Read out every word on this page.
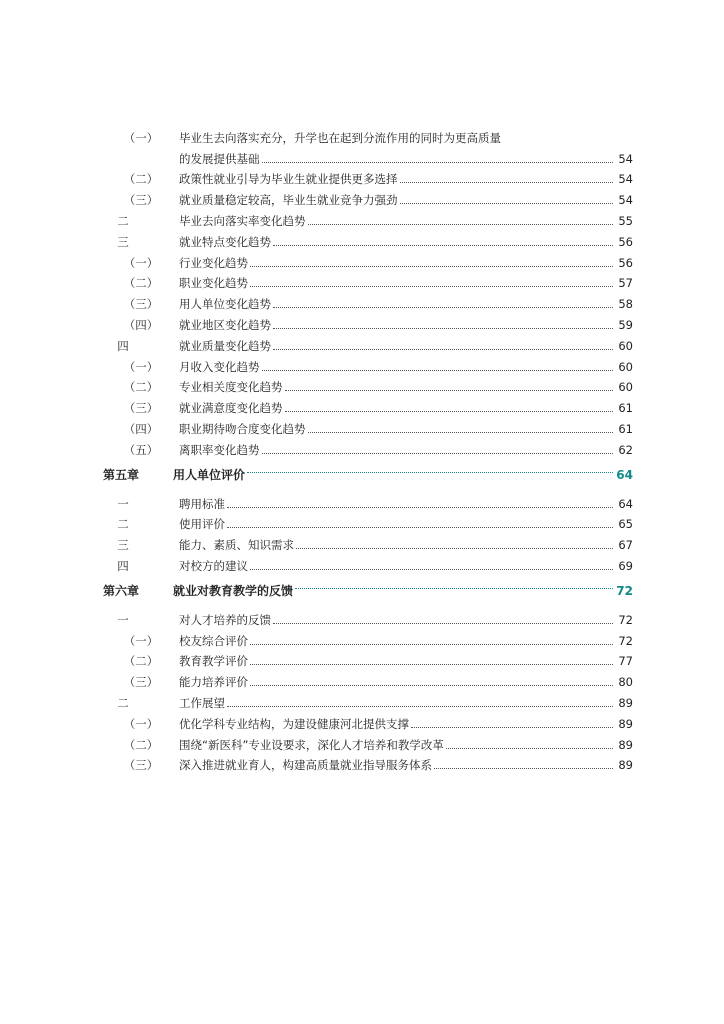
（一）	毕业生去向落实充分，升学也在起到分流作用的同时为更高质量
的发展提供基础	54
（二）	政策性就业引导为毕业生就业提供更多选择	54
（三）	就业质量稳定较高，毕业生就业竞争力强劲	54
二	毕业去向落实率变化趋势	55
三	就业特点变化趋势	56
（一）	行业变化趋势	56
（二）	职业变化趋势	57
（三）	用人单位变化趋势	58
（四）	就业地区变化趋势	59
四	就业质量变化趋势	60
（一）	月收入变化趋势	60
（二）	专业相关度变化趋势	60
（三）	就业满意度变化趋势	61
（四）	职业期待吻合度变化趋势	61
（五）	离职率变化趋势	62
第五章	用人单位评价	64
一	聘用标准	64
二	使用评价	65
三	能力、素质、知识需求	67
四	对校方的建议	69
第六章	就业对教育教学的反馈	72
一	对人才培养的反馈	72
（一）	校友综合评价	72
（二）	教育教学评价	77
（三）	能力培养评价	80
二	工作展望	89
（一）	优化学科专业结构，为建设健康河北提供支撑	89
（二）	围绕“新医科”专业设要求，深化人才培养和教学改革	89
（三）	深入推进就业育人，构建高质量就业指导服务体系	89
